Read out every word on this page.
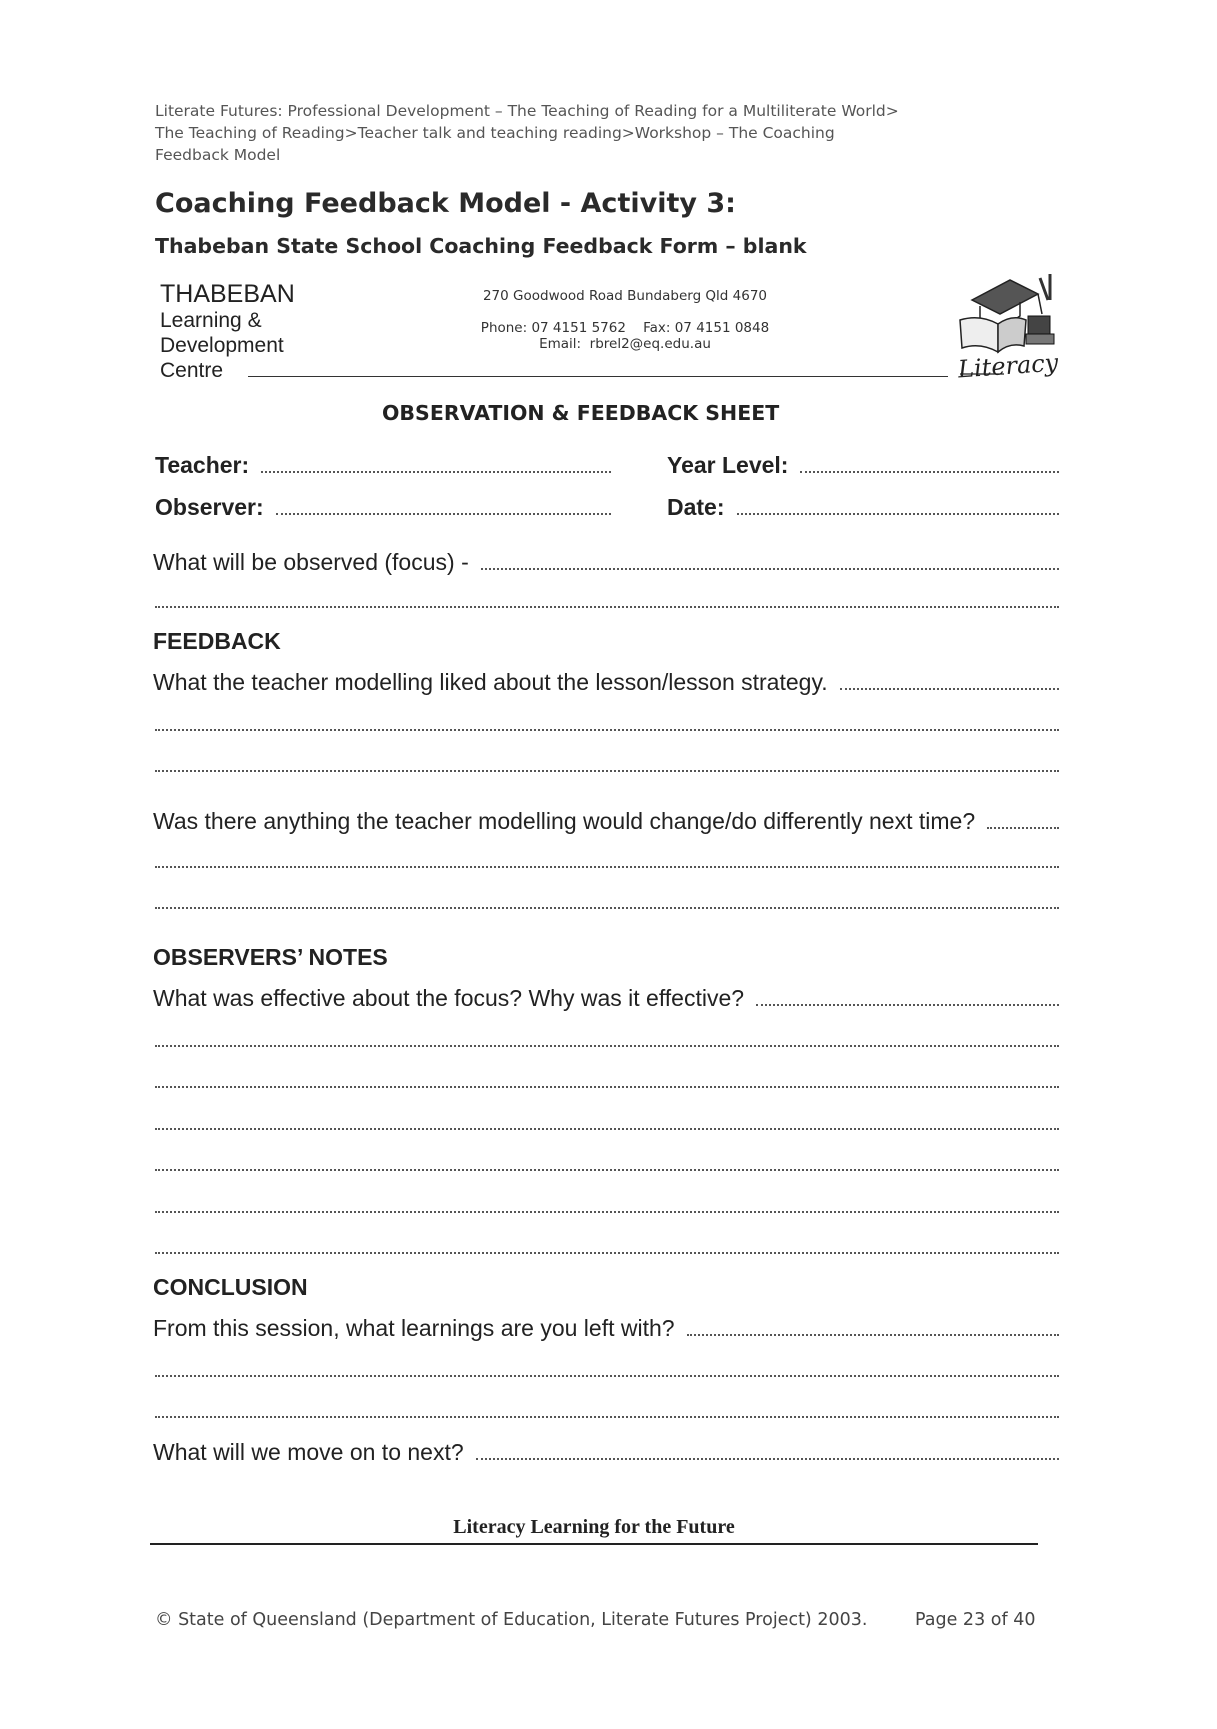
Literate Futures: Professional Development – The Teaching of Reading for a Multiliterate World>
The Teaching of Reading>Teacher talk and teaching reading>Workshop – The Coaching
Feedback Model
Coaching Feedback Model - Activity 3:
Thabeban State School Coaching Feedback Form – blank
THABEBAN
Learning &
Development
Centre
270 Goodwood Road Bundaberg Qld 4670
Phone: 07 4151 5762    Fax: 07 4151 0848
Email:  rbrel2@eq.edu.au
Literacy
OBSERVATION & FEEDBACK SHEET
Teacher:	Year Level:
Observer:	Date:
What will be observed (focus) -
FEEDBACK
What the teacher modelling liked about the lesson/lesson strategy.
Was there anything the teacher modelling would change/do differently next time?
OBSERVERS’ NOTES
What was effective about the focus? Why was it effective?
CONCLUSION
From this session, what learnings are you left with?
What will we move on to next?
Literacy Learning for the Future
© State of Queensland (Department of Education, Literate Futures Project) 2003.	Page 23 of 40
